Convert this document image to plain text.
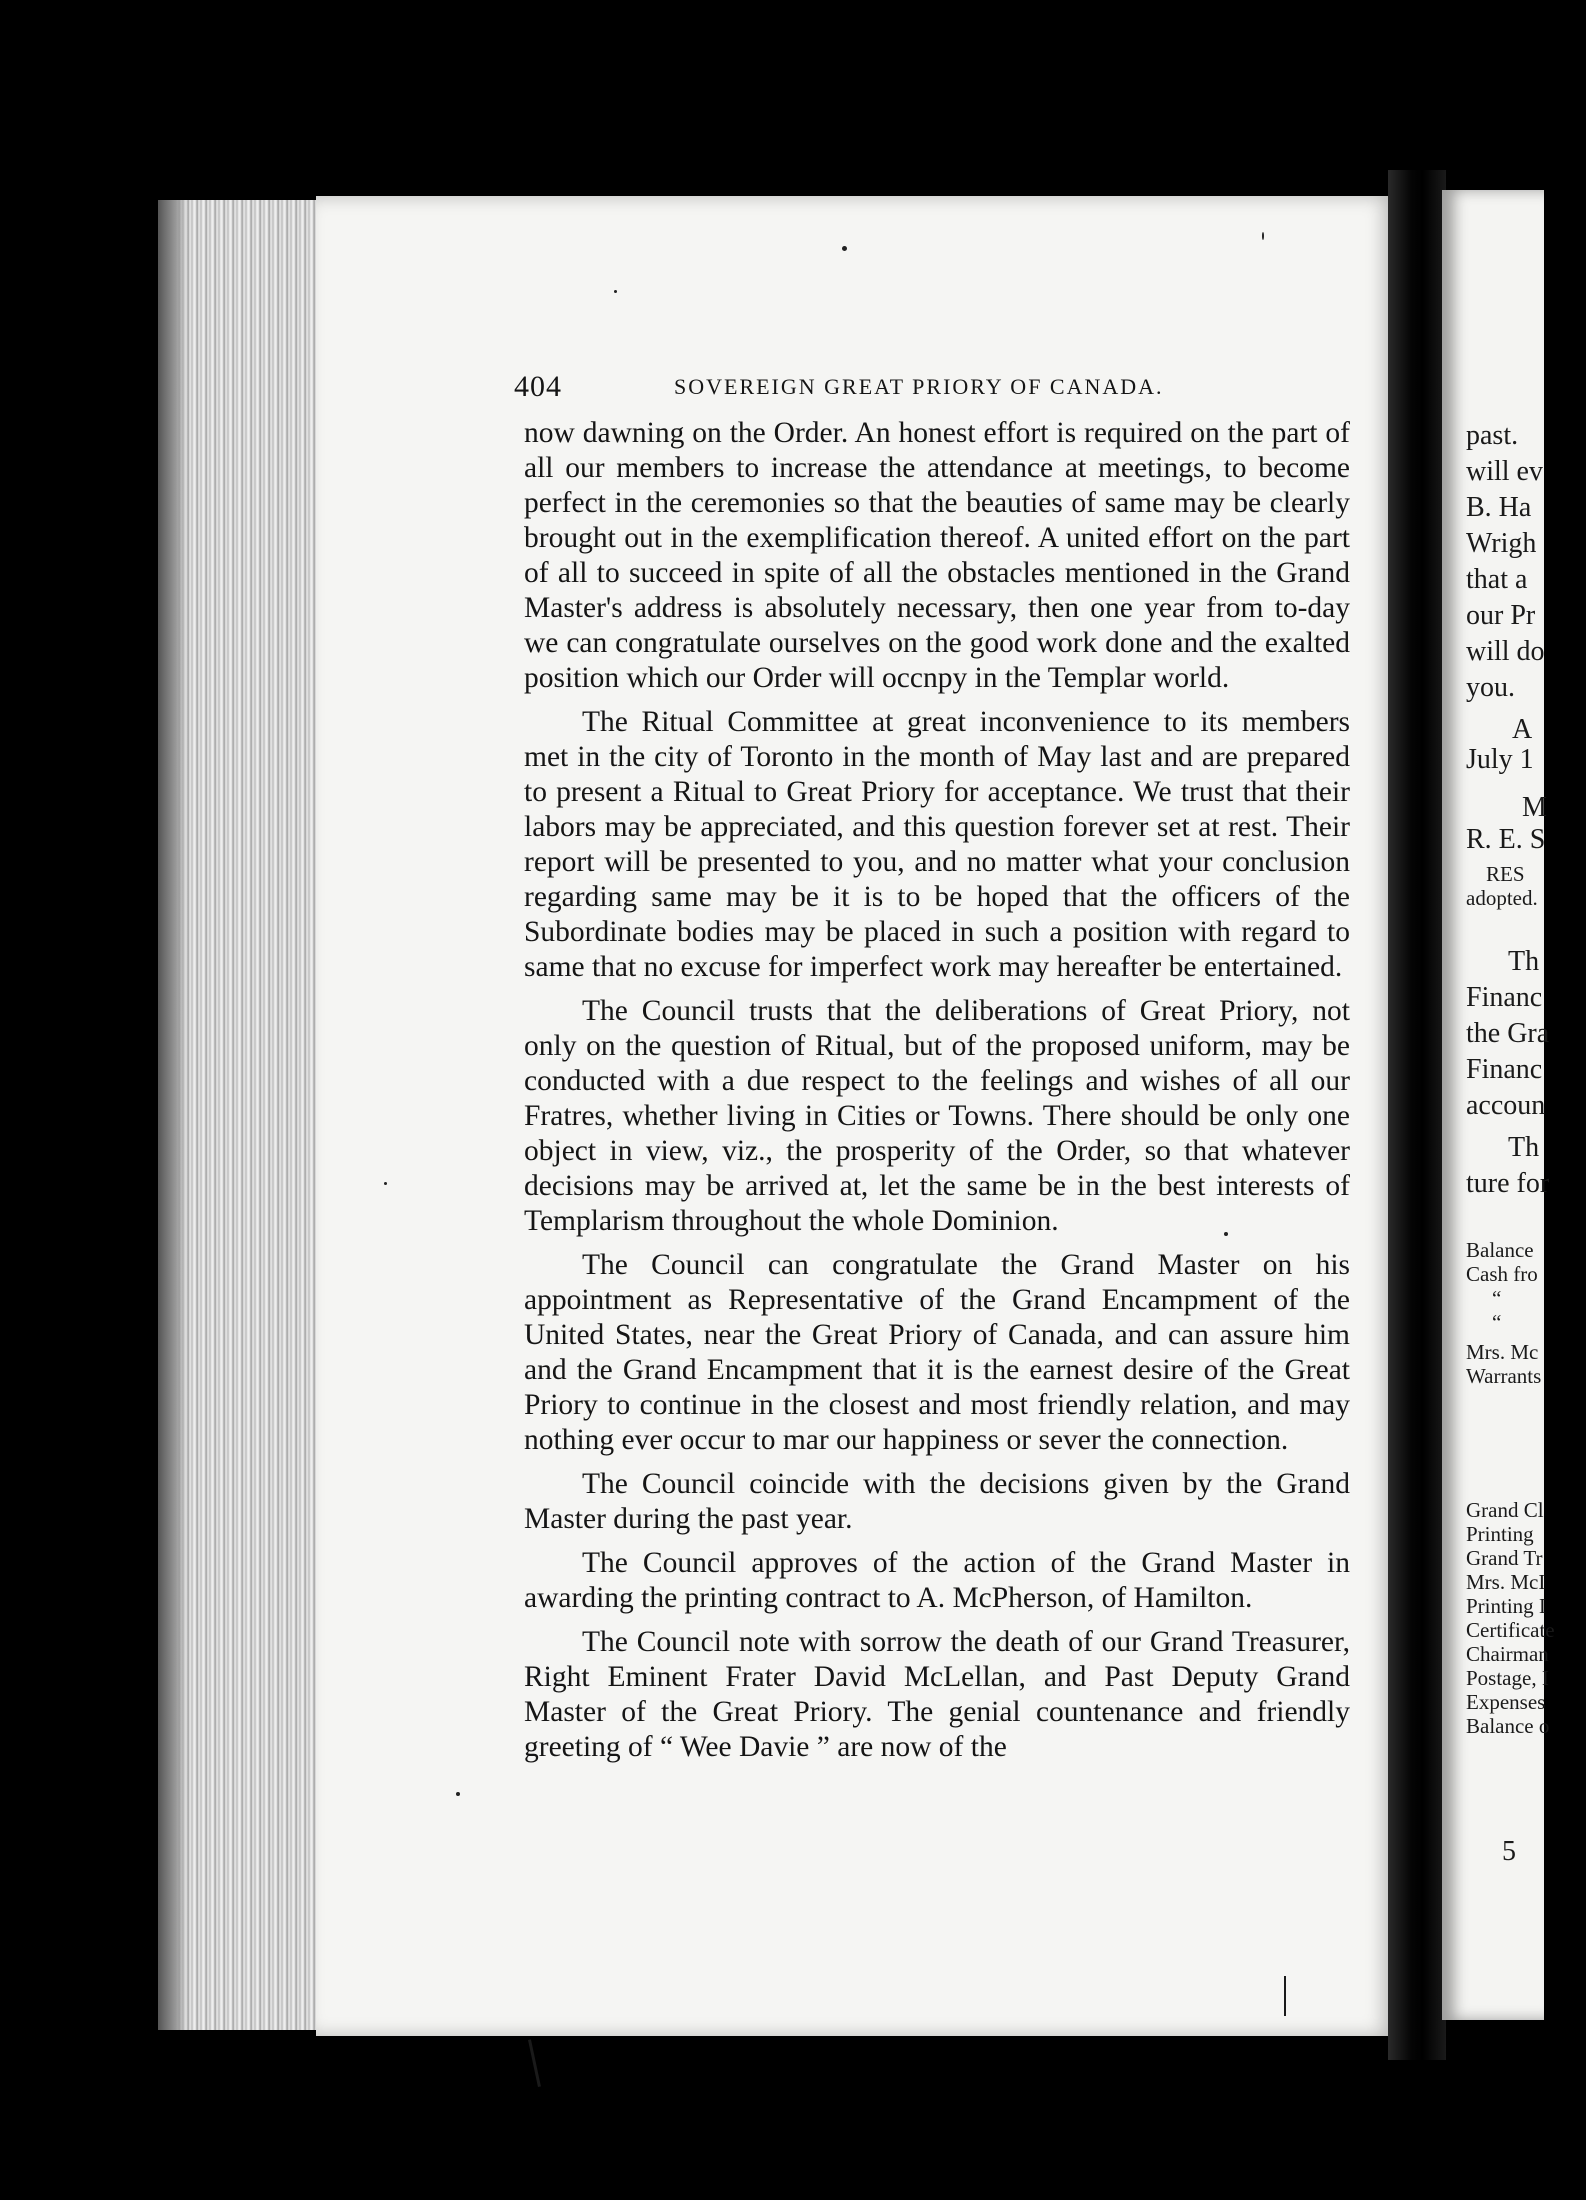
404	SOVEREIGN GREAT PRIORY OF CANADA.

now dawning on the Order. An honest effort is required on the part of all our members to increase the attendance at meetings, to become perfect in the ceremonies so that the beauties of same may be clearly brought out in the exemplification thereof. A united effort on the part of all to succeed in spite of all the obstacles mentioned in the Grand Master's address is absolutely necessary, then one year from to-day we can congratulate ourselves on the good work done and the exalted position which our Order will occnpy in the Templar world.

The Ritual Committee at great inconvenience to its members met in the city of Toronto in the month of May last and are prepared to present a Ritual to Great Priory for acceptance. We trust that their labors may be appreciated, and this question forever set at rest. Their report will be presented to you, and no matter what your conclusion regarding same may be it is to be hoped that the officers of the Subordinate bodies may be placed in such a position with regard to same that no excuse for imperfect work may hereafter be entertained.

The Council trusts that the deliberations of Great Priory, not only on the question of Ritual, but of the proposed uniform, may be conducted with a due respect to the feelings and wishes of all our Fratres, whether living in Cities or Towns. There should be only one object in view, viz., the prosperity of the Order, so that whatever decisions may be arrived at, let the same be in the best interests of Templarism throughout the whole Dominion.

The Council can congratulate the Grand Master on his appointment as Representative of the Grand Encampment of the United States, near the Great Priory of Canada, and can assure him and the Grand Encampment that it is the earnest desire of the Great Priory to continue in the closest and most friendly relation, and may nothing ever occur to mar our happiness or sever the connection.

The Council coincide with the decisions given by the Grand Master during the past year.

The Council approves of the action of the Grand Master in awarding the printing contract to A. McPherson, of Hamilton.

The Council note with sorrow the death of our Grand Treasurer, Right Eminent Frater David McLellan, and Past Deputy Grand Master of the Great Priory. The genial countenance and friendly greeting of “ Wee Davie ” are now of the

past.
will ev
B. Ha
Wrigh
that a
our Pr
will do
you.
A
July 1
M
R. E. S
RES
adopted.
Th
Financ
the Gra
Financ
accoun
Th
ture for
Balance
Cash fro
“
“
Mrs. Mc
Warrants
Grand Cl
Printing
Grand Tr
Mrs. McI
Printing I
Certificate
Chairman
Postage, I
Expenses
Balance o
5
